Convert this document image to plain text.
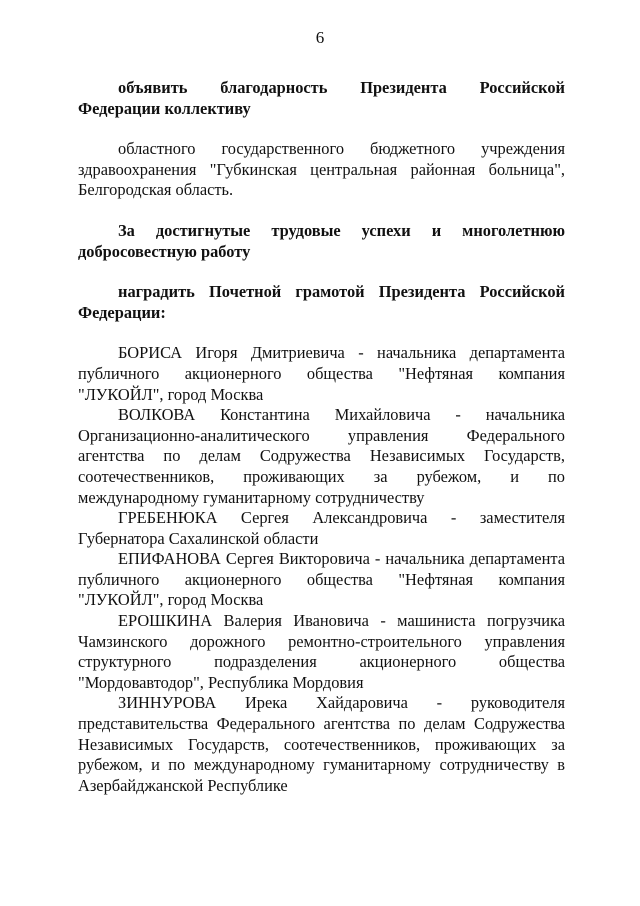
6

объявить благодарность Президента Российской Федерации коллективу

областного государственного бюджетного учреждения здравоохранения "Губкинская центральная районная больница", Белгородская область.

За достигнутые трудовые успехи и многолетнюю добросовестную работу

наградить Почетной грамотой Президента Российской Федерации:

БОРИСА Игоря Дмитриевича - начальника департамента публичного акционерного общества "Нефтяная компания "ЛУКОЙЛ", город Москва

ВОЛКОВА Константина Михайловича - начальника Организационно-аналитического управления Федерального агентства по делам Содружества Независимых Государств, соотечественников, проживающих за рубежом, и по международному гуманитарному сотрудничеству

ГРЕБЕНЮКА Сергея Александровича - заместителя Губернатора Сахалинской области

ЕПИФАНОВА Сергея Викторовича - начальника департамента публичного акционерного общества "Нефтяная компания "ЛУКОЙЛ", город Москва

ЕРОШКИНА Валерия Ивановича - машиниста погрузчика Чамзинского дорожного ремонтно-строительного управления структурного подразделения акционерного общества "Мордовавтодор", Республика Мордовия

ЗИННУРОВА Ирека Хайдаровича - руководителя представительства Федерального агентства по делам Содружества Независимых Государств, соотечественников, проживающих за рубежом, и по международному гуманитарному сотрудничеству в Азербайджанской Республике
